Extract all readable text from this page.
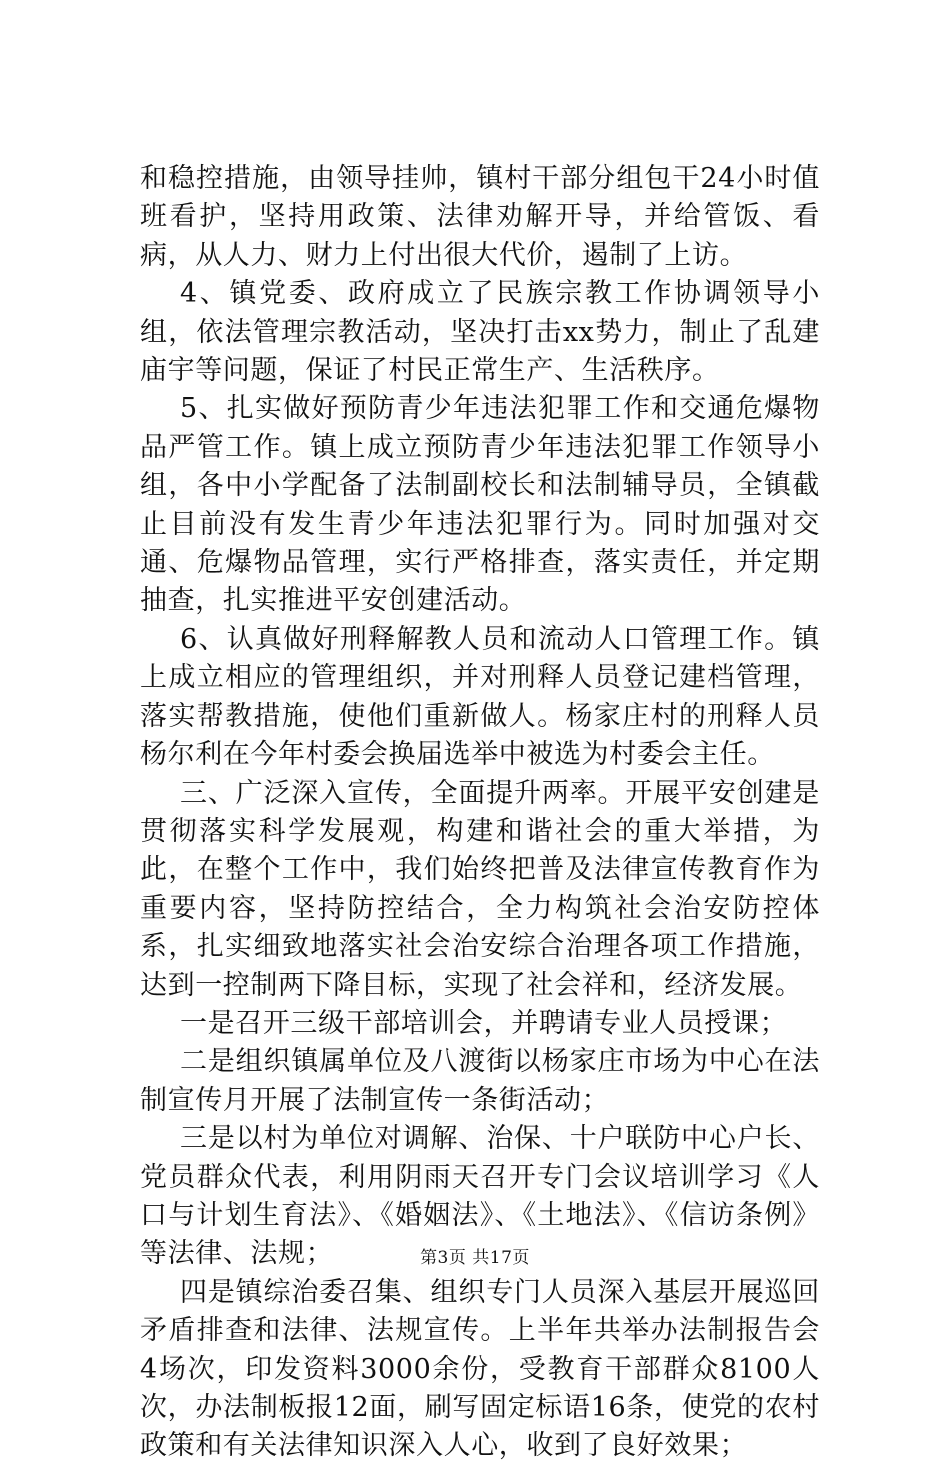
和稳控措施，由领导挂帅，镇村干部分组包干24小时值班看护，坚持用政策、法律劝解开导，并给管饭、看病，从人力、财力上付出很大代价，遏制了上访。

4、镇党委、政府成立了民族宗教工作协调领导小组，依法管理宗教活动，坚决打击xx势力，制止了乱建庙宇等问题，保证了村民正常生产、生活秩序。

5、扎实做好预防青少年违法犯罪工作和交通危爆物品严管工作。镇上成立预防青少年违法犯罪工作领导小组，各中小学配备了法制副校长和法制辅导员，全镇截止目前没有发生青少年违法犯罪行为。同时加强对交通、危爆物品管理，实行严格排查，落实责任，并定期抽查，扎实推进平安创建活动。

6、认真做好刑释解教人员和流动人口管理工作。镇上成立相应的管理组织，并对刑释人员登记建档管理，落实帮教措施，使他们重新做人。杨家庄村的刑释人员杨尔利在今年村委会换届选举中被选为村委会主任。

三、广泛深入宣传，全面提升两率。开展平安创建是贯彻落实科学发展观，构建和谐社会的重大举措，为此，在整个工作中，我们始终把普及法律宣传教育作为重要内容，坚持防控结合，全力构筑社会治安防控体系，扎实细致地落实社会治安综合治理各项工作措施，达到一控制两下降目标，实现了社会祥和，经济发展。

一是召开三级干部培训会，并聘请专业人员授课；

二是组织镇属单位及八渡街以杨家庄市场为中心在法制宣传月开展了法制宣传一条街活动；

三是以村为单位对调解、治保、十户联防中心户长、党员群众代表，利用阴雨天召开专门会议培训学习《人口与计划生育法》、《婚姻法》、《土地法》、《信访条例》等法律、法规；

四是镇综治委召集、组织专门人员深入基层开展巡回矛盾排查和法律、法规宣传。上半年共举办法制报告会4场次，印发资料3000余份，受教育干部群众8100人次，办法制板报12面，刷写固定标语16条，使党的农村政策和有关法律知识深入人心，收到了良好效果；

第3页 共17页
